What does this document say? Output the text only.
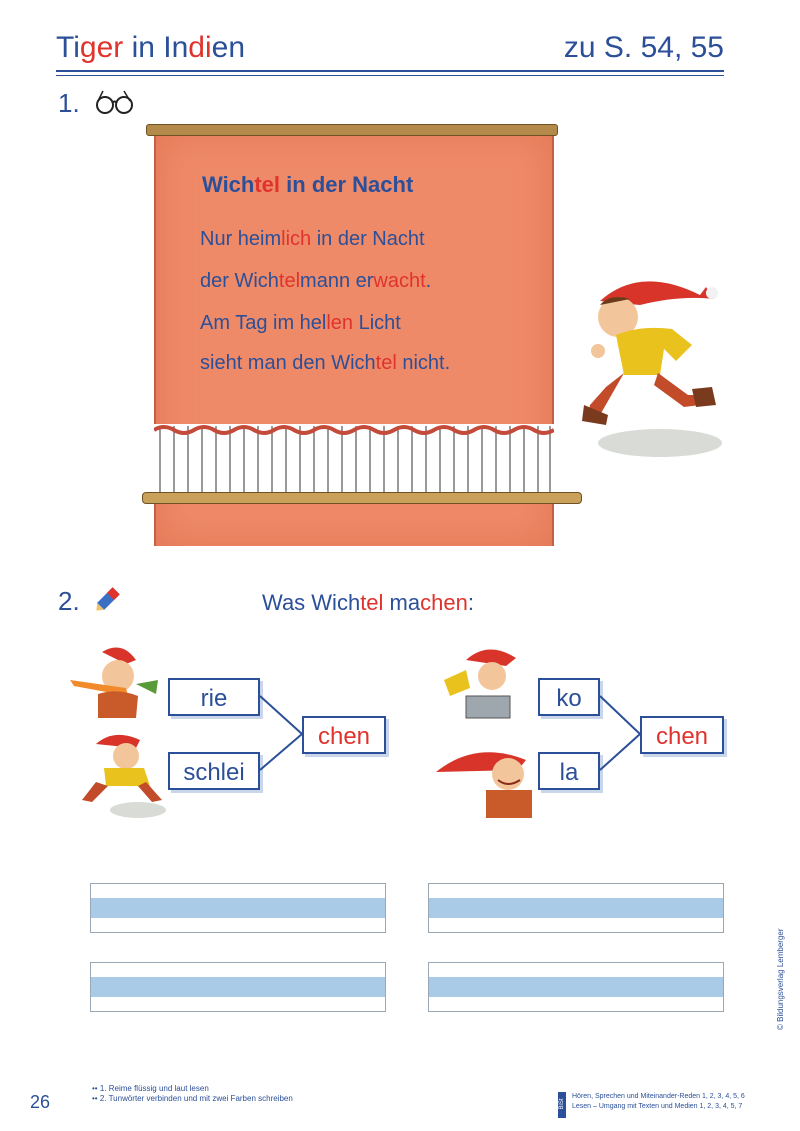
Tiger in Indien	zu S. 54, 55
1.
Wichtel in der Nacht
Nur heimlich in der Nacht
der Wichtelmann erwacht.
Am Tag im hellen Licht
sieht man den Wichtel nicht.
2.	Was Wichtel machen:
rie
schlei
chen
ko
la
chen
© Bildungsverlag Lemberger
26
•• 1. Reime flüssig und laut lesen
•• 2. Tunwörter verbinden und mit zwei Farben schreiben	BiSt
Hören, Sprechen und Miteinander-Reden 1, 2, 3, 4, 5, 6
Lesen – Umgang mit Texten und Medien 1, 2, 3, 4, 5, 7
